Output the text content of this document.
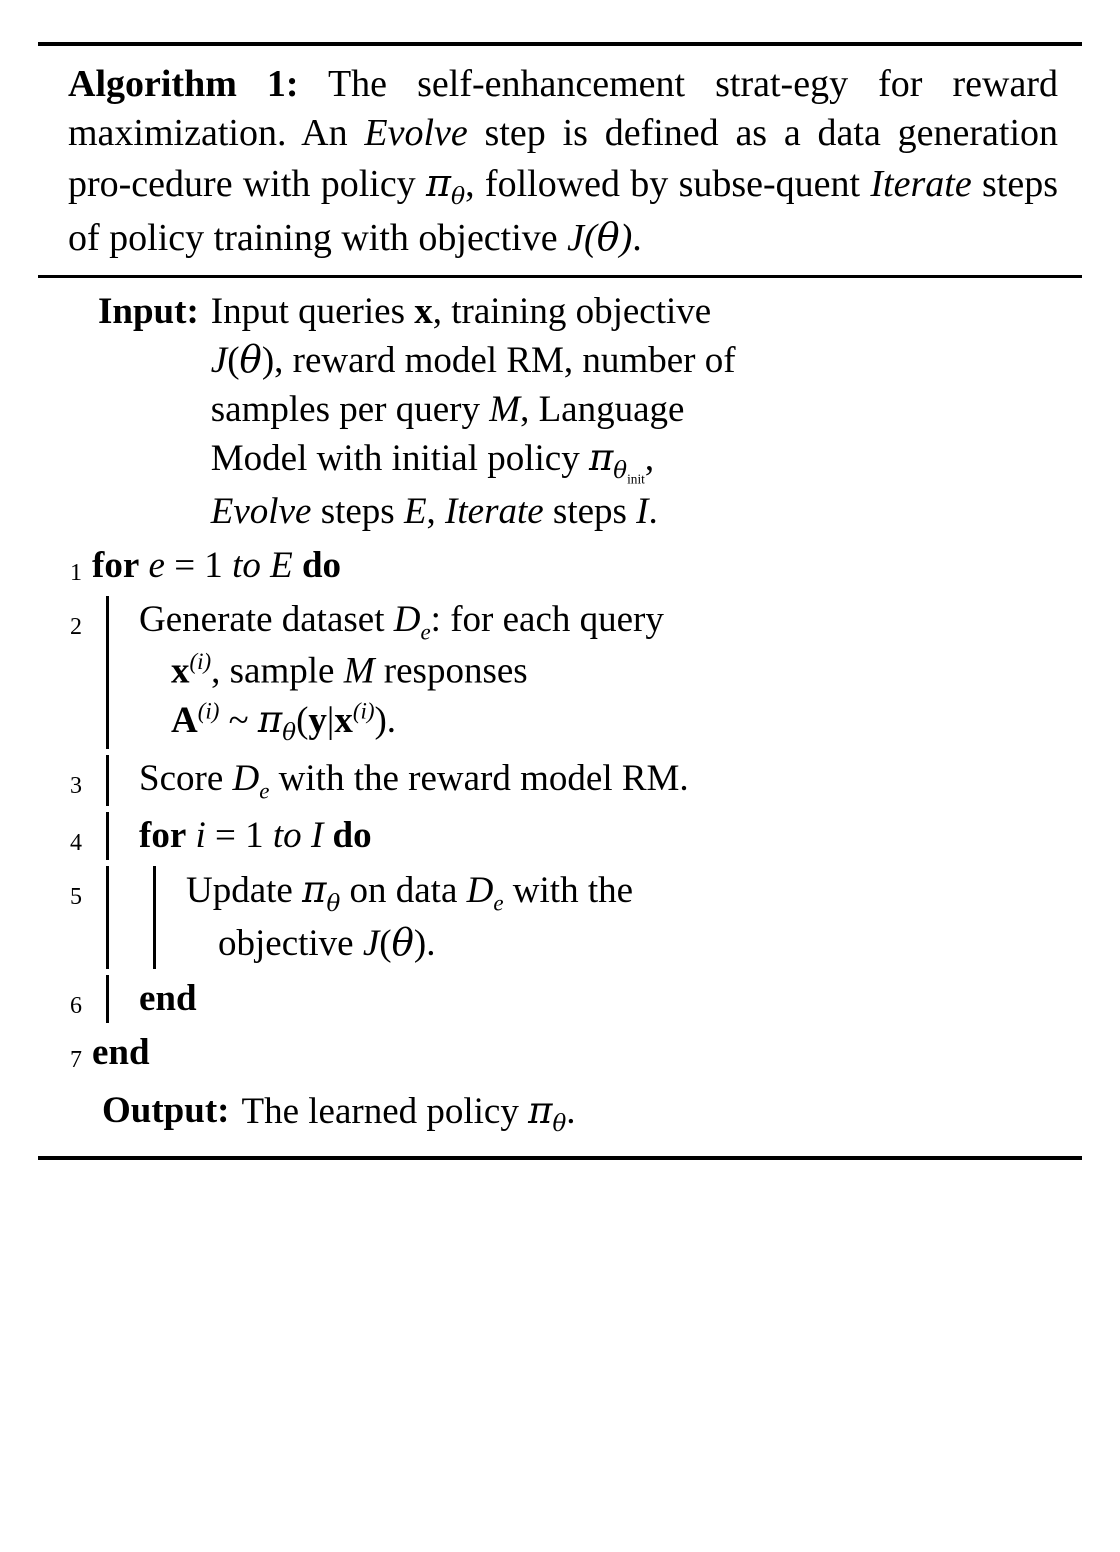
Algorithm 1: The self-enhancement strat-egy for reward maximization. An Evolve step is defined as a data generation pro-cedure with policy $\pi_\theta$, followed by subse-quent Iterate steps of policy training with objective J(θ).
Input: Input queries x, training objective
J(θ), reward model RM, number of
samples per query M, Language
Model with initial policy $\pi_{\theta_{init}}$,
Evolve steps E, Iterate steps I.
1 for e = 1 to E do
2 Generate dataset $D_e$: for each query
$x^{(i)}$, sample M responses
$A^{(i)}$ ~ $\pi_\theta(y|x^{(i)})$.
3 Score $D_e$ with the reward model RM.
4 for i = 1 to I do
5	Update $\pi_\theta$ on data $D_e$ with the
objective J(θ).
6 end
7 end
Output: The learned policy $\pi_\theta$.
